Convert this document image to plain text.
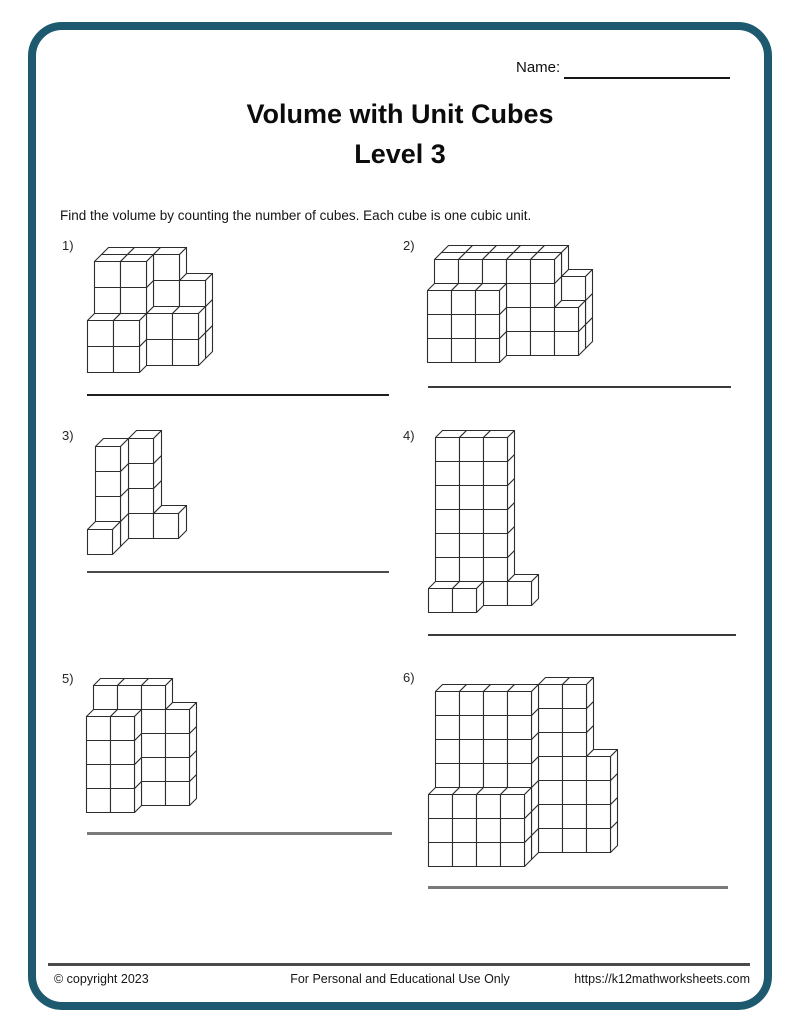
Name:
Volume with Unit Cubes
Level 3
Find the volume by counting the number of cubes. Each cube is one cubic unit.
1)	2)
3)	4)
5)	6)
© copyright 2023	For Personal and Educational Use Only	https://k12mathworksheets.com
